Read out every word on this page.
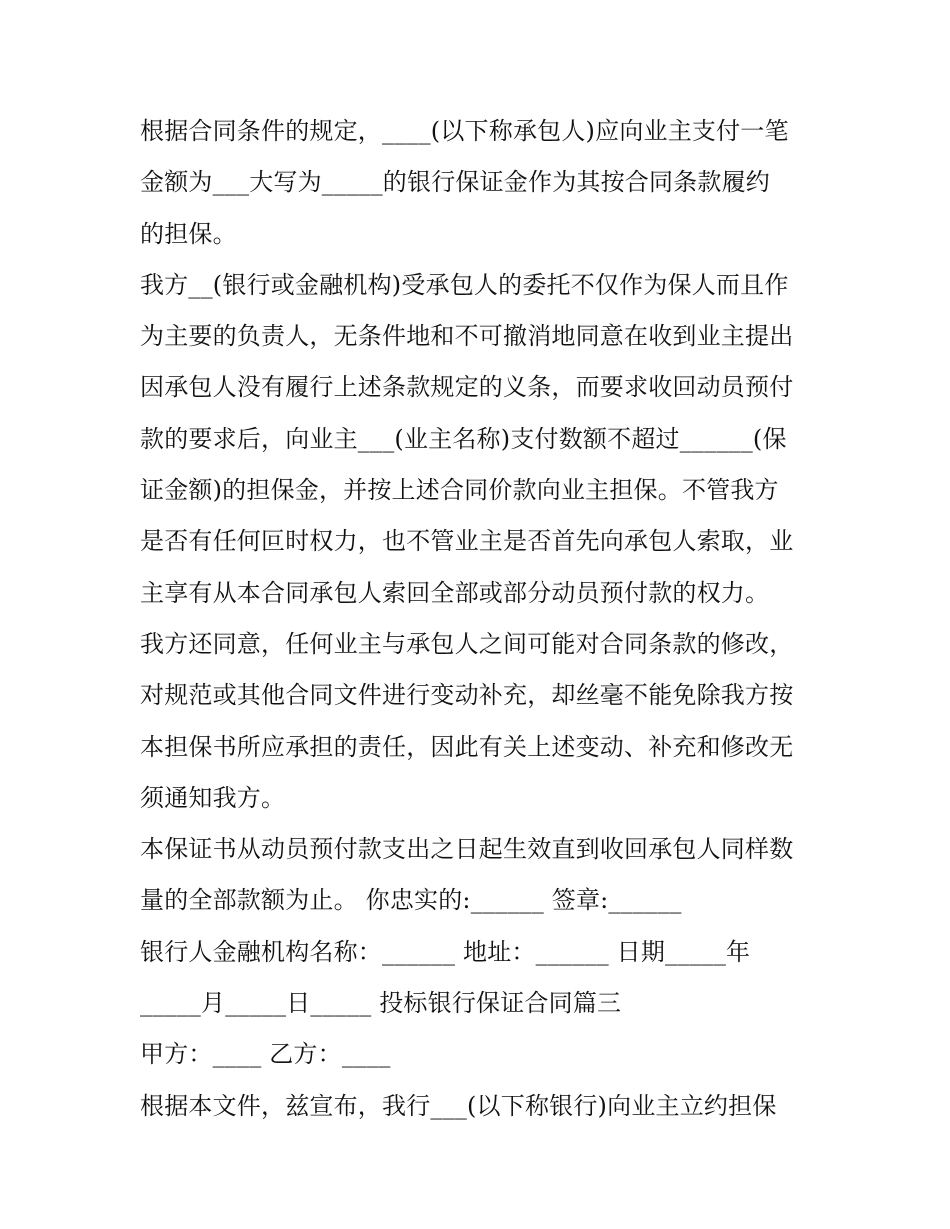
根据合同条件的规定，____(以下称承包人)应向业主支付一笔
金额为___大写为_____的银行保证金作为其按合同条款履约
的担保。
我方__(银行或金融机构)受承包人的委托不仅作为保人而且作
为主要的负责人，无条件地和不可撤消地同意在收到业主提出
因承包人没有履行上述条款规定的义条，而要求收回动员预付
款的要求后，向业主___(业主名称)支付数额不超过______(保
证金额)的担保金，并按上述合同价款向业主担保。不管我方
是否有任何叵时权力，也不管业主是否首先向承包人索取，业
主享有从本合同承包人索回全部或部分动员预付款的权力。
我方还同意，任何业主与承包人之间可能对合同条款的修改，
对规范或其他合同文件进行变动补充，却丝毫不能免除我方按
本担保书所应承担的责任，因此有关上述变动、补充和修改无
须通知我方。
本保证书从动员预付款支出之日起生效直到收回承包人同样数
量的全部款额为止。 你忠实的:______ 签章:______
银行人金融机构名称：______ 地址：______ 日期_____年
_____月_____日_____ 投标银行保证合同篇三
甲方：____ 乙方：____
根据本文件，兹宣布，我行___(以下称银行)向业主立约担保
